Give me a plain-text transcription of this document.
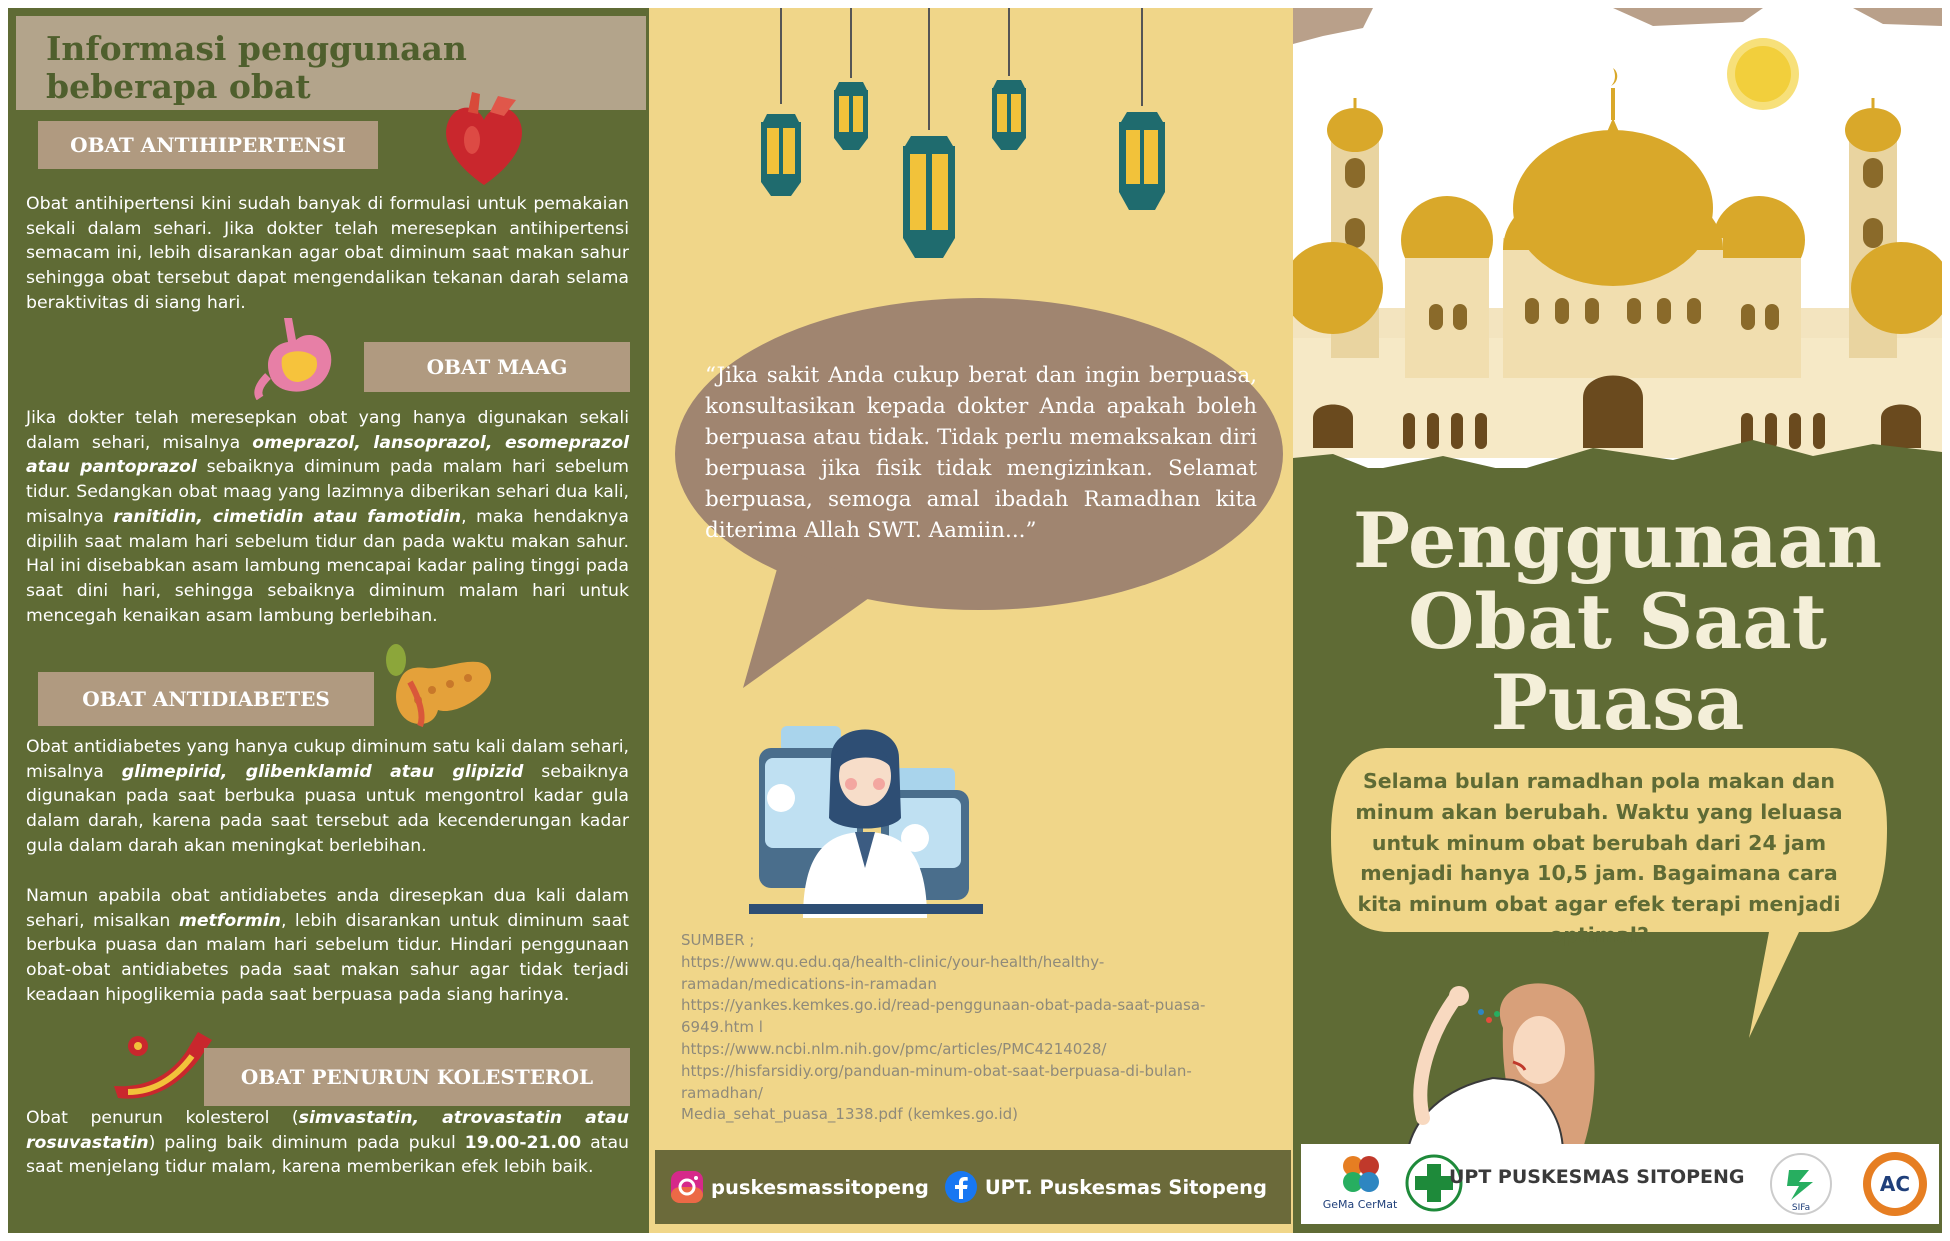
Informasi penggunaan beberapa obat
OBAT ANTIHIPERTENSI
Obat antihipertensi kini sudah banyak di formulasi untuk pemakaian sekali dalam sehari. Jika dokter telah meresepkan antihipertensi semacam ini, lebih disarankan agar obat diminum saat makan sahur sehingga obat tersebut dapat mengendalikan tekanan darah selama beraktivitas di siang hari.
OBAT MAAG
Jika dokter telah meresepkan obat yang hanya digunakan sekali dalam sehari, misalnya omeprazol, lansoprazol, esomeprazol atau pantoprazol sebaiknya diminum pada malam hari sebelum tidur. Sedangkan obat maag yang lazimnya diberikan sehari dua kali, misalnya ranitidin, cimetidin atau famotidin, maka hendaknya dipilih saat malam hari sebelum tidur dan pada waktu makan sahur. Hal ini disebabkan asam lambung mencapai kadar paling tinggi pada saat dini hari, sehingga sebaiknya diminum malam hari untuk mencegah kenaikan asam lambung berlebihan.
OBAT ANTIDIABETES
Obat antidiabetes yang hanya cukup diminum satu kali dalam sehari, misalnya glimepirid, glibenklamid atau glipizid sebaiknya digunakan pada saat berbuka puasa untuk mengontrol kadar gula dalam darah, karena pada saat tersebut ada kecenderungan kadar gula dalam darah akan meningkat berlebihan.
Namun apabila obat antidiabetes anda diresepkan dua kali dalam sehari, misalkan metformin, lebih disarankan untuk diminum saat berbuka puasa dan malam hari sebelum tidur. Hindari penggunaan obat-obat antidiabetes pada saat makan sahur agar tidak terjadi keadaan hipoglikemia pada saat berpuasa pada siang harinya.
OBAT PENURUN KOLESTEROL
Obat penurun kolesterol (simvastatin, atrovastatin atau rosuvastatin) paling baik diminum pada pukul 19.00-21.00 atau saat menjelang tidur malam, karena memberikan efek lebih baik.
“Jika sakit Anda cukup berat dan ingin berpuasa, konsultasikan kepada dokter Anda apakah boleh berpuasa atau tidak. Tidak perlu memaksakan diri berpuasa jika fisik tidak mengizinkan. Selamat berpuasa, semoga amal ibadah Ramadhan kita diterima Allah SWT. Aamiin...”
SUMBER ;
https://www.qu.edu.qa/health-clinic/your-health/healthy-ramadan/medications-in-ramadan
https://yankes.kemkes.go.id/read-penggunaan-obat-pada-saat-puasa-6949.htm l
https://www.ncbi.nlm.nih.gov/pmc/articles/PMC4214028/
https://hisfarsidiy.org/panduan-minum-obat-saat-berpuasa-di-bulan-ramadhan/
Media_sehat_puasa_1338.pdf (kemkes.go.id)
puskesmassitopeng	UPT. Puskesmas Sitopeng
Penggunaan
Obat Saat
Puasa
Selama bulan ramadhan pola makan dan minum akan berubah. Waktu yang leluasa untuk minum obat berubah dari 24 jam menjadi hanya 10,5 jam. Bagaimana cara kita minum obat agar efek terapi menjadi optimal?
GeMa CerMat
UPT PUSKESMAS SITOPENG
SIFa
AC
